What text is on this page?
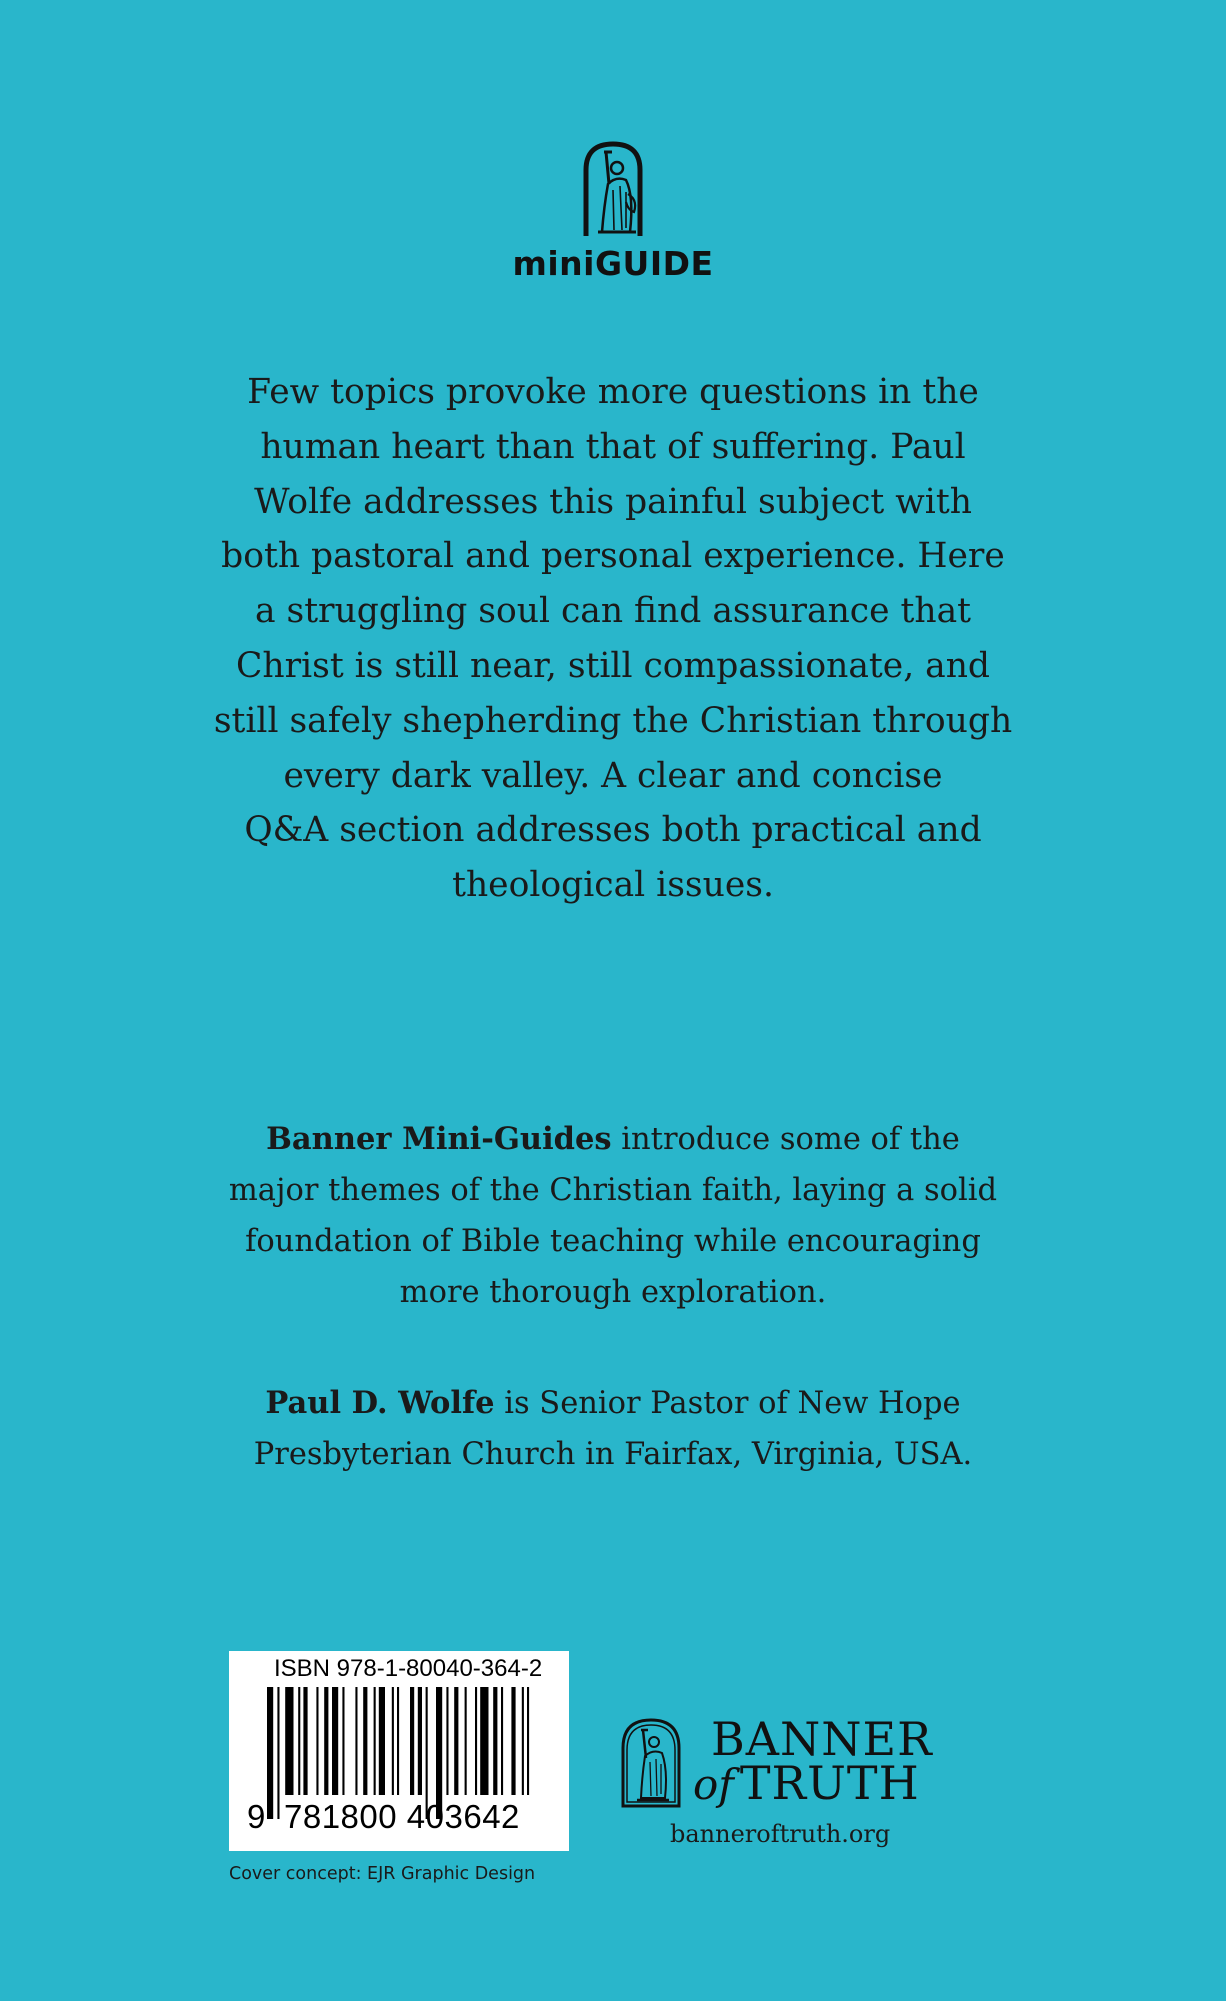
miniGUIDE
Few topics provoke more questions in the
human heart than that of suffering. Paul
Wolfe addresses this painful subject with
both pastoral and personal experience. Here
a struggling soul can find assurance that
Christ is still near, still compassionate, and
still safely shepherding the Christian through
every dark valley. A clear and concise
Q&A section addresses both practical and
theological issues.
Banner Mini-Guides introduce some of the
major themes of the Christian faith, laying a solid
foundation of Bible teaching while encouraging
more thorough exploration.
Paul D. Wolfe is Senior Pastor of New Hope
Presbyterian Church in Fairfax, Virginia, USA.
ISBN 978-1-80040-364-2
9 781800 403642
Cover concept: EJR Graphic Design
BANNER
of TRUTH
banneroftruth.org
